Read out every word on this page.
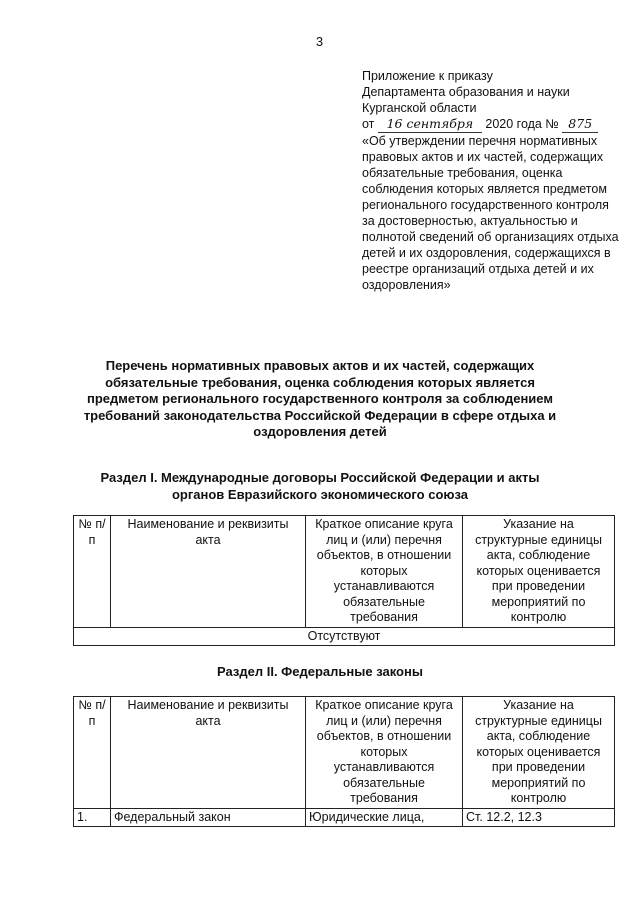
3
Приложение к приказу
Департамента образования и науки
Курганской области
от 16 сентября 2020 года № 875
«Об утверждении перечня нормативных правовых актов и их частей, содержащих обязательные требования, оценка соблюдения которых является предметом регионального государственного контроля за достоверностью, актуальностью и полнотой сведений об организациях отдыха детей и их оздоровления, содержащихся в реестре организаций отдыха детей и их оздоровления»
Перечень нормативных правовых актов и их частей, содержащих обязательные требования, оценка соблюдения которых является предметом регионального государственного контроля за соблюдением требований законодательства Российской Федерации в сфере отдыха и оздоровления детей
Раздел I. Международные договоры Российской Федерации и акты органов Евразийского экономического союза
№ п/п	Наименование и реквизиты акта	Краткое описание круга лиц и (или) перечня объектов, в отношении которых устанавливаются обязательные требования	Указание на структурные единицы акта, соблюдение которых оценивается при проведении мероприятий по контролю
Отсутствуют
Раздел II. Федеральные законы
№ п/п	Наименование и реквизиты акта	Краткое описание круга лиц и (или) перечня объектов, в отношении которых устанавливаются обязательные требования	Указание на структурные единицы акта, соблюдение которых оценивается при проведении мероприятий по контролю
1.	Федеральный закон	Юридические лица,	Ст. 12.2, 12.3
